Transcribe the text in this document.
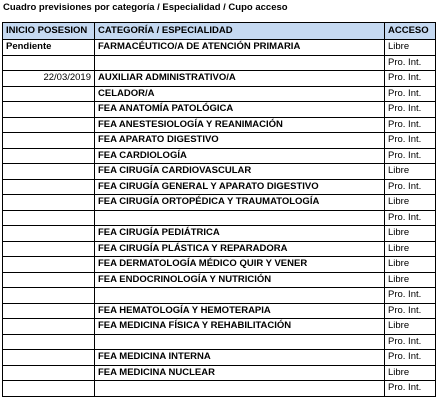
Cuadro previsiones por categoría / Especialidad / Cupo acceso
INICIO POSESION	CATEGORÍA / ESPECIALIDAD	ACCESO
Pendiente	FARMACÉUTICO/A DE ATENCIÓN PRIMARIA	Libre
		Pro. Int.
22/03/2019	AUXILIAR ADMINISTRATIVO/A	Pro. Int.
	CELADOR/A	Pro. Int.
	FEA ANATOMÍA PATOLÓGICA	Pro. Int.
	FEA ANESTESIOLOGÍA Y REANIMACIÓN	Pro. Int.
	FEA APARATO DIGESTIVO	Pro. Int.
	FEA CARDIOLOGÍA	Pro. Int.
	FEA CIRUGÍA CARDIOVASCULAR	Libre
	FEA CIRUGÍA GENERAL Y APARATO DIGESTIVO	Pro. Int.
	FEA CIRUGÍA ORTOPÉDICA Y TRAUMATOLOGÍA	Libre
		Pro. Int.
	FEA CIRUGÍA PEDIÁTRICA	Libre
	FEA CIRUGÍA PLÁSTICA Y REPARADORA	Libre
	FEA DERMATOLOGÍA MÉDICO QUIR Y VENER	Libre
	FEA ENDOCRINOLOGÍA Y NUTRICIÓN	Libre
		Pro. Int.
	FEA HEMATOLOGÍA Y HEMOTERAPIA	Pro. Int.
	FEA MEDICINA FÍSICA Y REHABILITACIÓN	Libre
		Pro. Int.
	FEA MEDICINA INTERNA	Pro. Int.
	FEA MEDICINA NUCLEAR	Libre
		Pro. Int.
